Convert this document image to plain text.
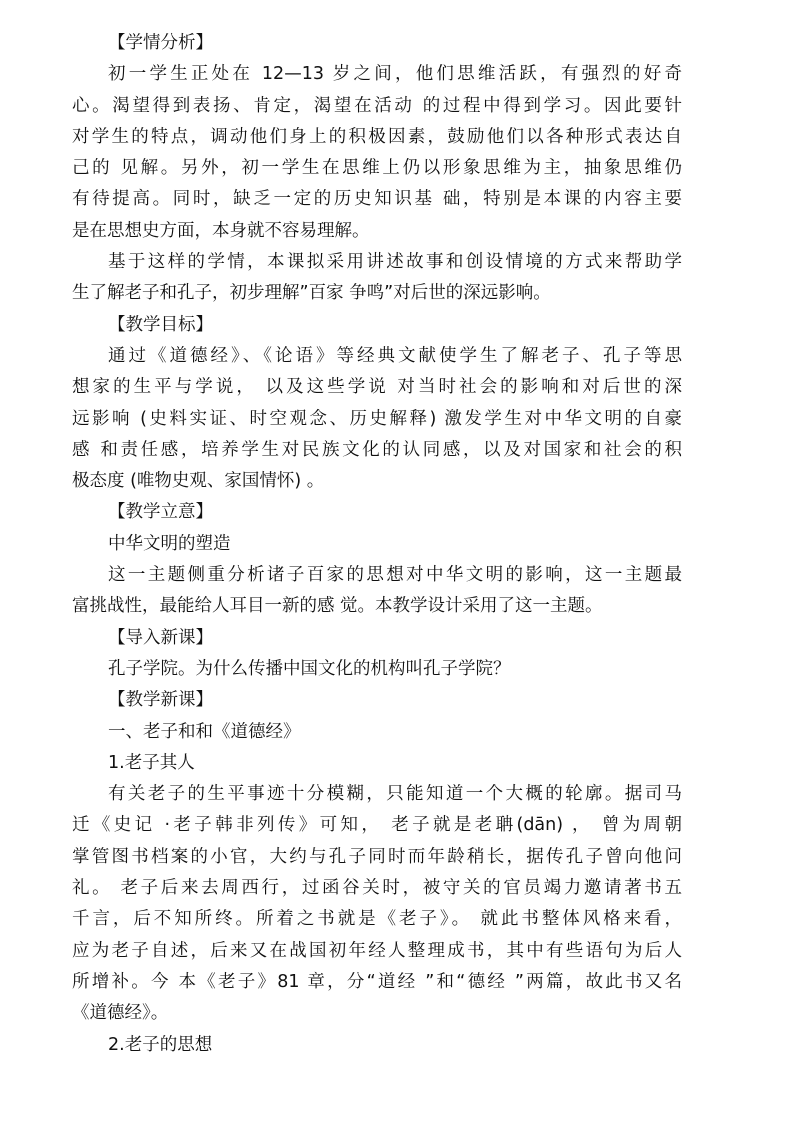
【学情分析】
初一学生正处在 12—13 岁之间，他们思维活跃，有强烈的好奇
心。渴望得到表扬、肯定，渴望在活动 的过程中得到学习。因此要针
对学生的特点，调动他们身上的积极因素，鼓励他们以各种形式表达自
己的 见解。另外，初一学生在思维上仍以形象思维为主，抽象思维仍
有待提高。同时，缺乏一定的历史知识基 础，特别是本课的内容主要
是在思想史方面，本身就不容易理解。
基于这样的学情，本课拟采用讲述故事和创设情境的方式来帮助学
生了解老子和孔子，初步理解”百家 争鸣”对后世的深远影响。
【教学目标】
通过《道德经》、《论语》等经典文献使学生了解老子、孔子等思
想家的生平与学说， 以及这些学说 对当时社会的影响和对后世的深
远影响 (史料实证、时空观念、历史解释) 激发学生对中华文明的自豪
感 和责任感，培养学生对民族文化的认同感，以及对国家和社会的积
极态度 (唯物史观、家国情怀) 。
【教学立意】
中华文明的塑造
这一主题侧重分析诸子百家的思想对中华文明的影响，这一主题最
富挑战性，最能给人耳目一新的感 觉。本教学设计采用了这一主题。
【导入新课】
孔子学院。为什么传播中国文化的机构叫孔子学院？
【教学新课】
一、老子和和《道德经》
1.老子其人
有关老子的生平事迹十分模糊，只能知道一个大概的轮廓。据司马
迁《史记 ·老子韩非列传》可知， 老子就是老聃(dān) ， 曾为周朝
掌管图书档案的小官，大约与孔子同时而年龄稍长，据传孔子曾向他问
礼。 老子后来去周西行，过函谷关时，被守关的官员竭力邀请著书五
千言，后不知所终。所着之书就是《老子》。 就此书整体风格来看，
应为老子自述，后来又在战国初年经人整理成书，其中有些语句为后人
所增补。今 本《老子》81 章，分“道经 ”和“德经 ”两篇，故此书又名
《道德经》。
2.老子的思想
